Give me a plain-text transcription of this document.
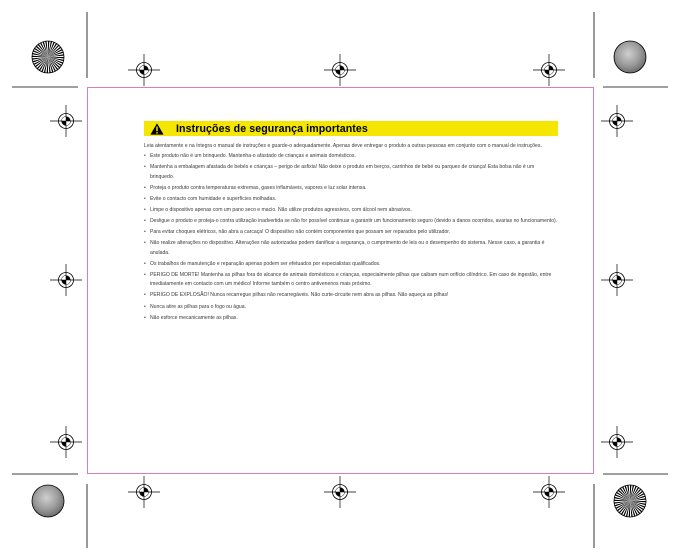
Instruções de segurança importantes

Leia atentamente e na íntegra o manual de instruções e guarde-o adequadamente. Apenas deve entregar o produto a outras pessoas em conjunto com o manual de instruções.

• Este produto não é um brinquedo. Mantenha-o afastado de crianças e animais domésticos.
• Mantenha a embalagem afastada de bebés e crianças – perigo de asfixia! Não deixe o produto em berços, carrinhos de bebé ou parques de criança! Esta bolsa não é um brinquedo.
• Proteja o produto contra temperaturas extremas, gases inflamáveis, vapores e luz solar intensa.
• Evite o contacto com humidade e superfícies molhadas.
• Limpe o dispositivo apenas com um pano seco e macio. Não utilize produtos agressivos, com álcool nem abrasivos.
• Desligue o produto e proteja-o contra utilização inadvertida se não for possível continuar a garantir um funcionamento seguro (devido a danos ocorridos, avarias no funcionamento).
• Para evitar choques elétricos, não abra a carcaça! O dispositivo não contém componentes que possam ser reparados pelo utilizador.
• Não realize alterações no dispositivo. Alterações não autorizadas podem danificar a segurança, o cumprimento de leis ou o desempenho do sistema. Nesse caso, a garantia é anulada.
• Os trabalhos de manutenção e reparação apenas podem ser efetuados por especialistas qualificados.
• PERIGO DE MORTE! Mantenha as pilhas fora do alcance de animais domésticos e crianças, especialmente pilhas que caibam num orifício cilíndrico. Em caso de ingestão, entre imediatamente em contacto com um médico! Informe também o centro antivenenos mais próximo.
• PERIGO DE EXPLOSÃO! Nunca recarregue pilhas não recarregáveis. Não curte-circuite nem abra as pilhas. Não aqueça as pilhas!
• Nunca atire as pilhas para o fogo ou água.
• Não esforce mecanicamente as pilhas.
